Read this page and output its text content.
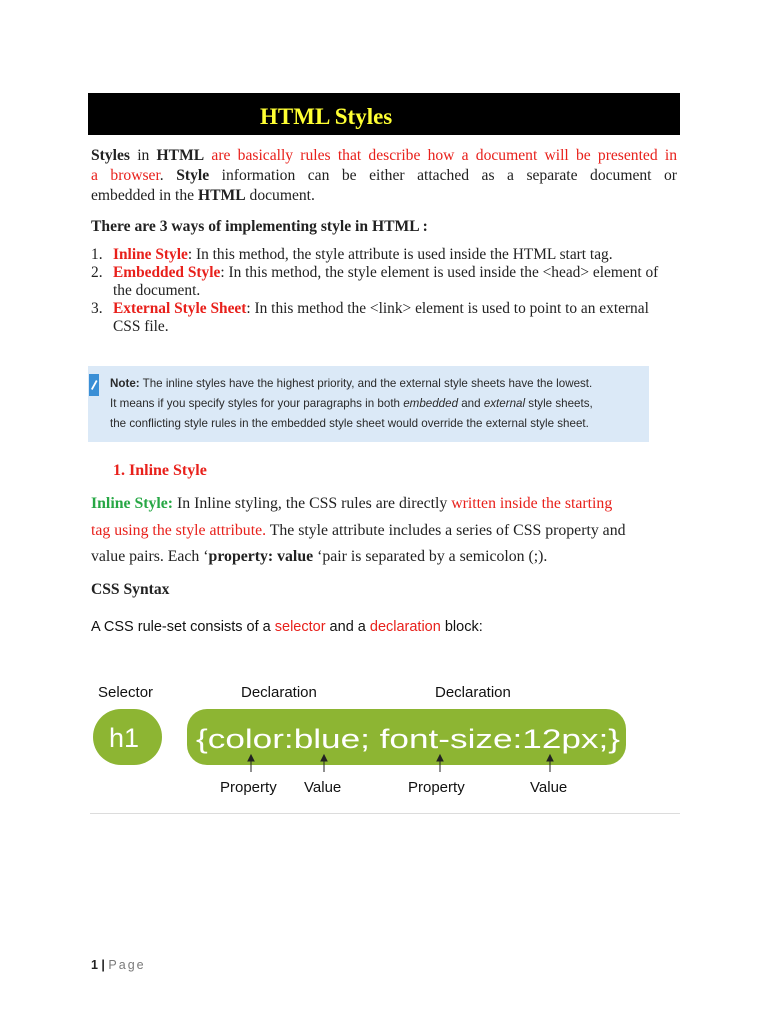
HTML Styles
Styles in HTML are basically rules that describe how a document will be presented in
a browser. Style information can be either attached as a separate document or
embedded in the HTML document.
There are 3 ways of implementing style in HTML :
1. Inline Style: In this method, the style attribute is used inside the HTML start tag.
2. Embedded Style: In this method, the style element is used inside the <head> element of the document.
3. External Style Sheet: In this method the <link> element is used to point to an external CSS file.
Note: The inline styles have the highest priority, and the external style sheets have the lowest.
It means if you specify styles for your paragraphs in both embedded and external style sheets,
the conflicting style rules in the embedded style sheet would override the external style sheet.
1. Inline Style
Inline Style: In Inline styling, the CSS rules are directly written inside the starting
tag using the style attribute. The style attribute includes a series of CSS property and
value pairs. Each ‘property: value ‘pair is separated by a semicolon (;).
CSS Syntax
A CSS rule-set consists of a selector and a declaration block:
Selector	Declaration	Declaration
h1 {color:blue; font-size:12px;}
Property Value	Property	Value
1 | Page
